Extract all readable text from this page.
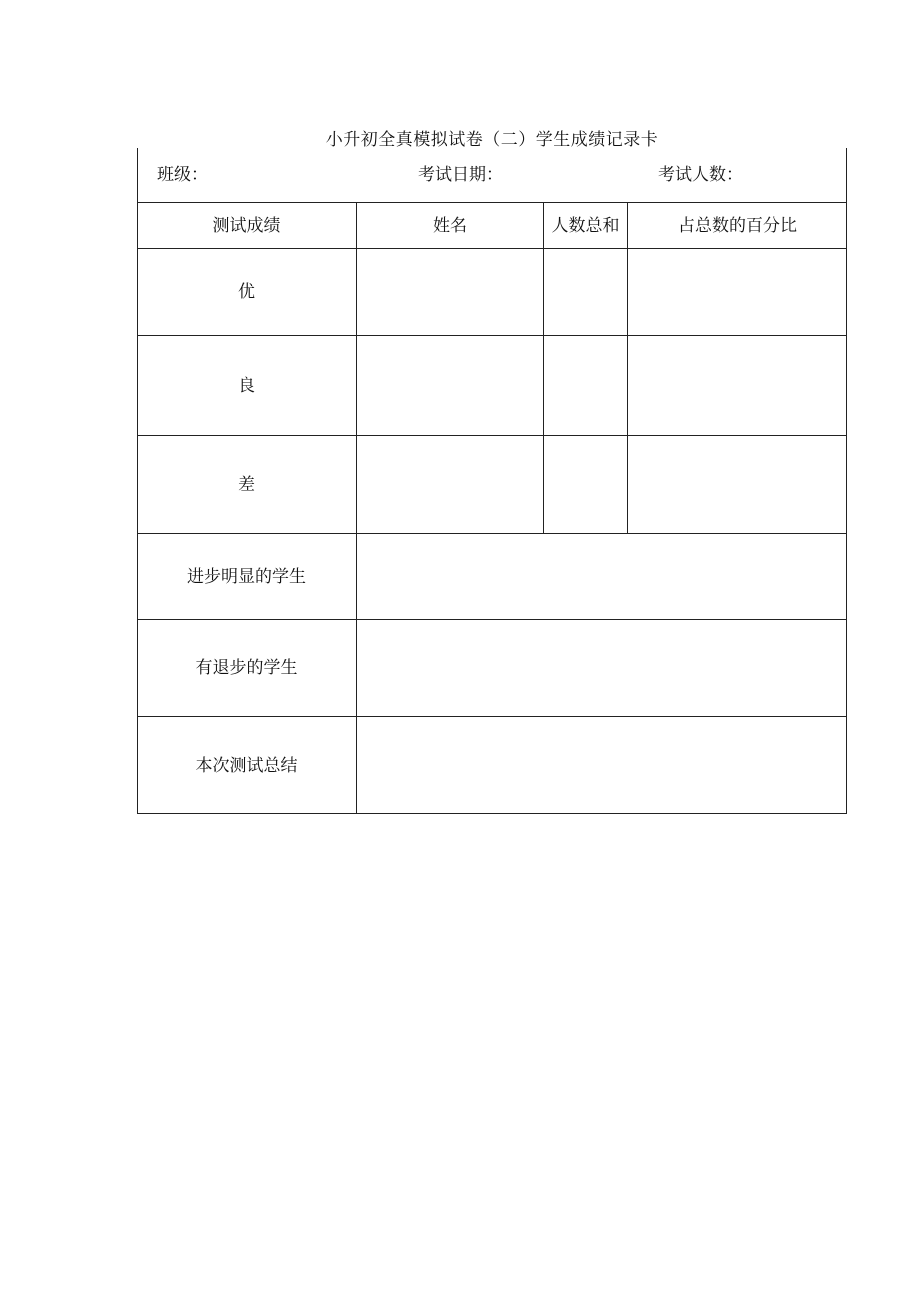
小升初全真模拟试卷（二）学生成绩记录卡
班级：	考试日期：	考试人数：
测试成绩	姓名	人数总和	占总数的百分比
优
良
差
进步明显的学生
有退步的学生
本次测试总结
